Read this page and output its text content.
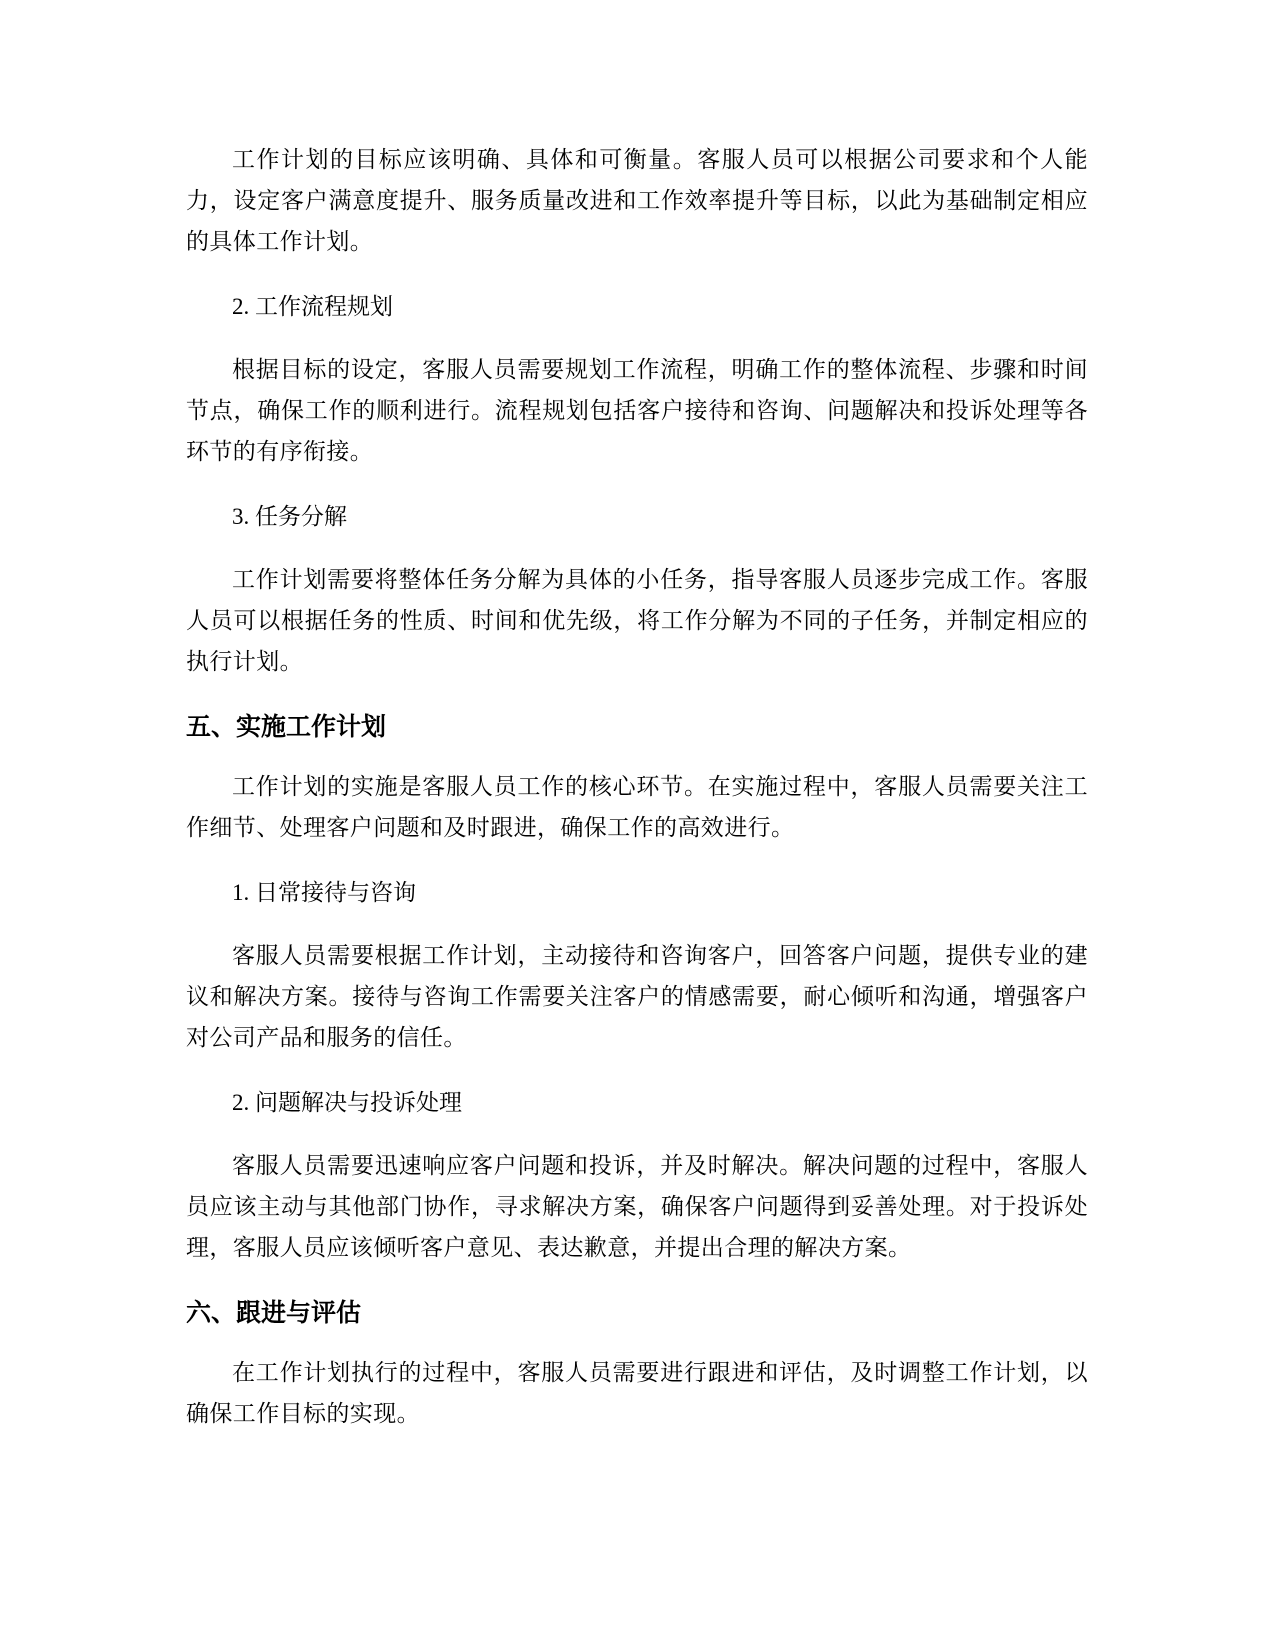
工作计划的目标应该明确、具体和可衡量。客服人员可以根据公司要求和个人能力，设定客户满意度提升、服务质量改进和工作效率提升等目标，以此为基础制定相应的具体工作计划。

2. 工作流程规划

根据目标的设定，客服人员需要规划工作流程，明确工作的整体流程、步骤和时间节点，确保工作的顺利进行。流程规划包括客户接待和咨询、问题解决和投诉处理等各环节的有序衔接。

3. 任务分解

工作计划需要将整体任务分解为具体的小任务，指导客服人员逐步完成工作。客服人员可以根据任务的性质、时间和优先级，将工作分解为不同的子任务，并制定相应的执行计划。

五、实施工作计划

工作计划的实施是客服人员工作的核心环节。在实施过程中，客服人员需要关注工作细节、处理客户问题和及时跟进，确保工作的高效进行。

1. 日常接待与咨询

客服人员需要根据工作计划，主动接待和咨询客户，回答客户问题，提供专业的建议和解决方案。接待与咨询工作需要关注客户的情感需要，耐心倾听和沟通，增强客户对公司产品和服务的信任。

2. 问题解决与投诉处理

客服人员需要迅速响应客户问题和投诉，并及时解决。解决问题的过程中，客服人员应该主动与其他部门协作，寻求解决方案，确保客户问题得到妥善处理。对于投诉处理，客服人员应该倾听客户意见、表达歉意，并提出合理的解决方案。

六、跟进与评估

在工作计划执行的过程中，客服人员需要进行跟进和评估，及时调整工作计划，以确保工作目标的实现。
